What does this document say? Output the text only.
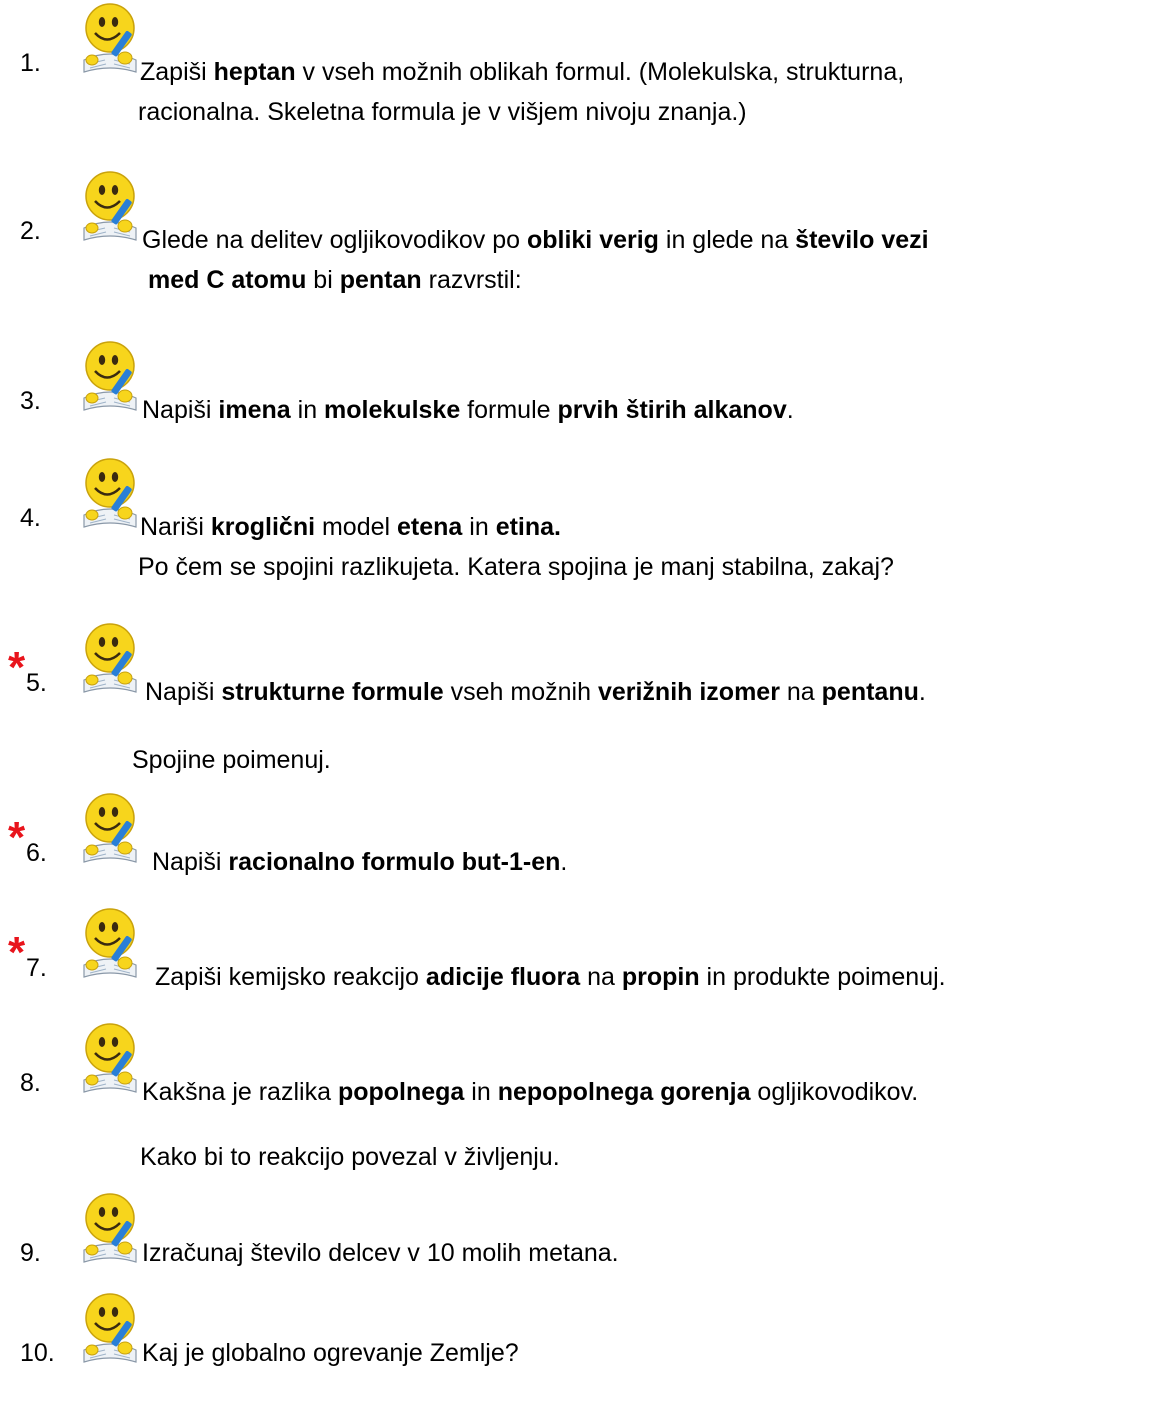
1.	Zapiši heptan v vseh možnih oblikah formul. (Molekulska, strukturna,
racionalna. Skeletna formula je v višjem nivoju znanja.)
2.	Glede na delitev ogljikovodikov po obliki verig in glede na število vezi
med C atomu bi pentan razvrstil:
3.	Napiši imena in molekulske formule prvih štirih alkanov.
4.	Nariši kroglični model etena in etina.
Po čem se spojini razlikujeta. Katera spojina je manj stabilna, zakaj?
* 5.	Napiši strukturne formule vseh možnih verižnih izomer na pentanu.
Spojine poimenuj.
* 6.	Napiši racionalno formulo but-1-en.
* 7.	Zapiši kemijsko reakcijo adicije fluora na propin in produkte poimenuj.
8.	Kakšna je razlika popolnega in nepopolnega gorenja ogljikovodikov.
Kako bi to reakcijo povezal v življenju.
9.	Izračunaj število delcev v 10 molih metana.
10.	Kaj je globalno ogrevanje Zemlje?
